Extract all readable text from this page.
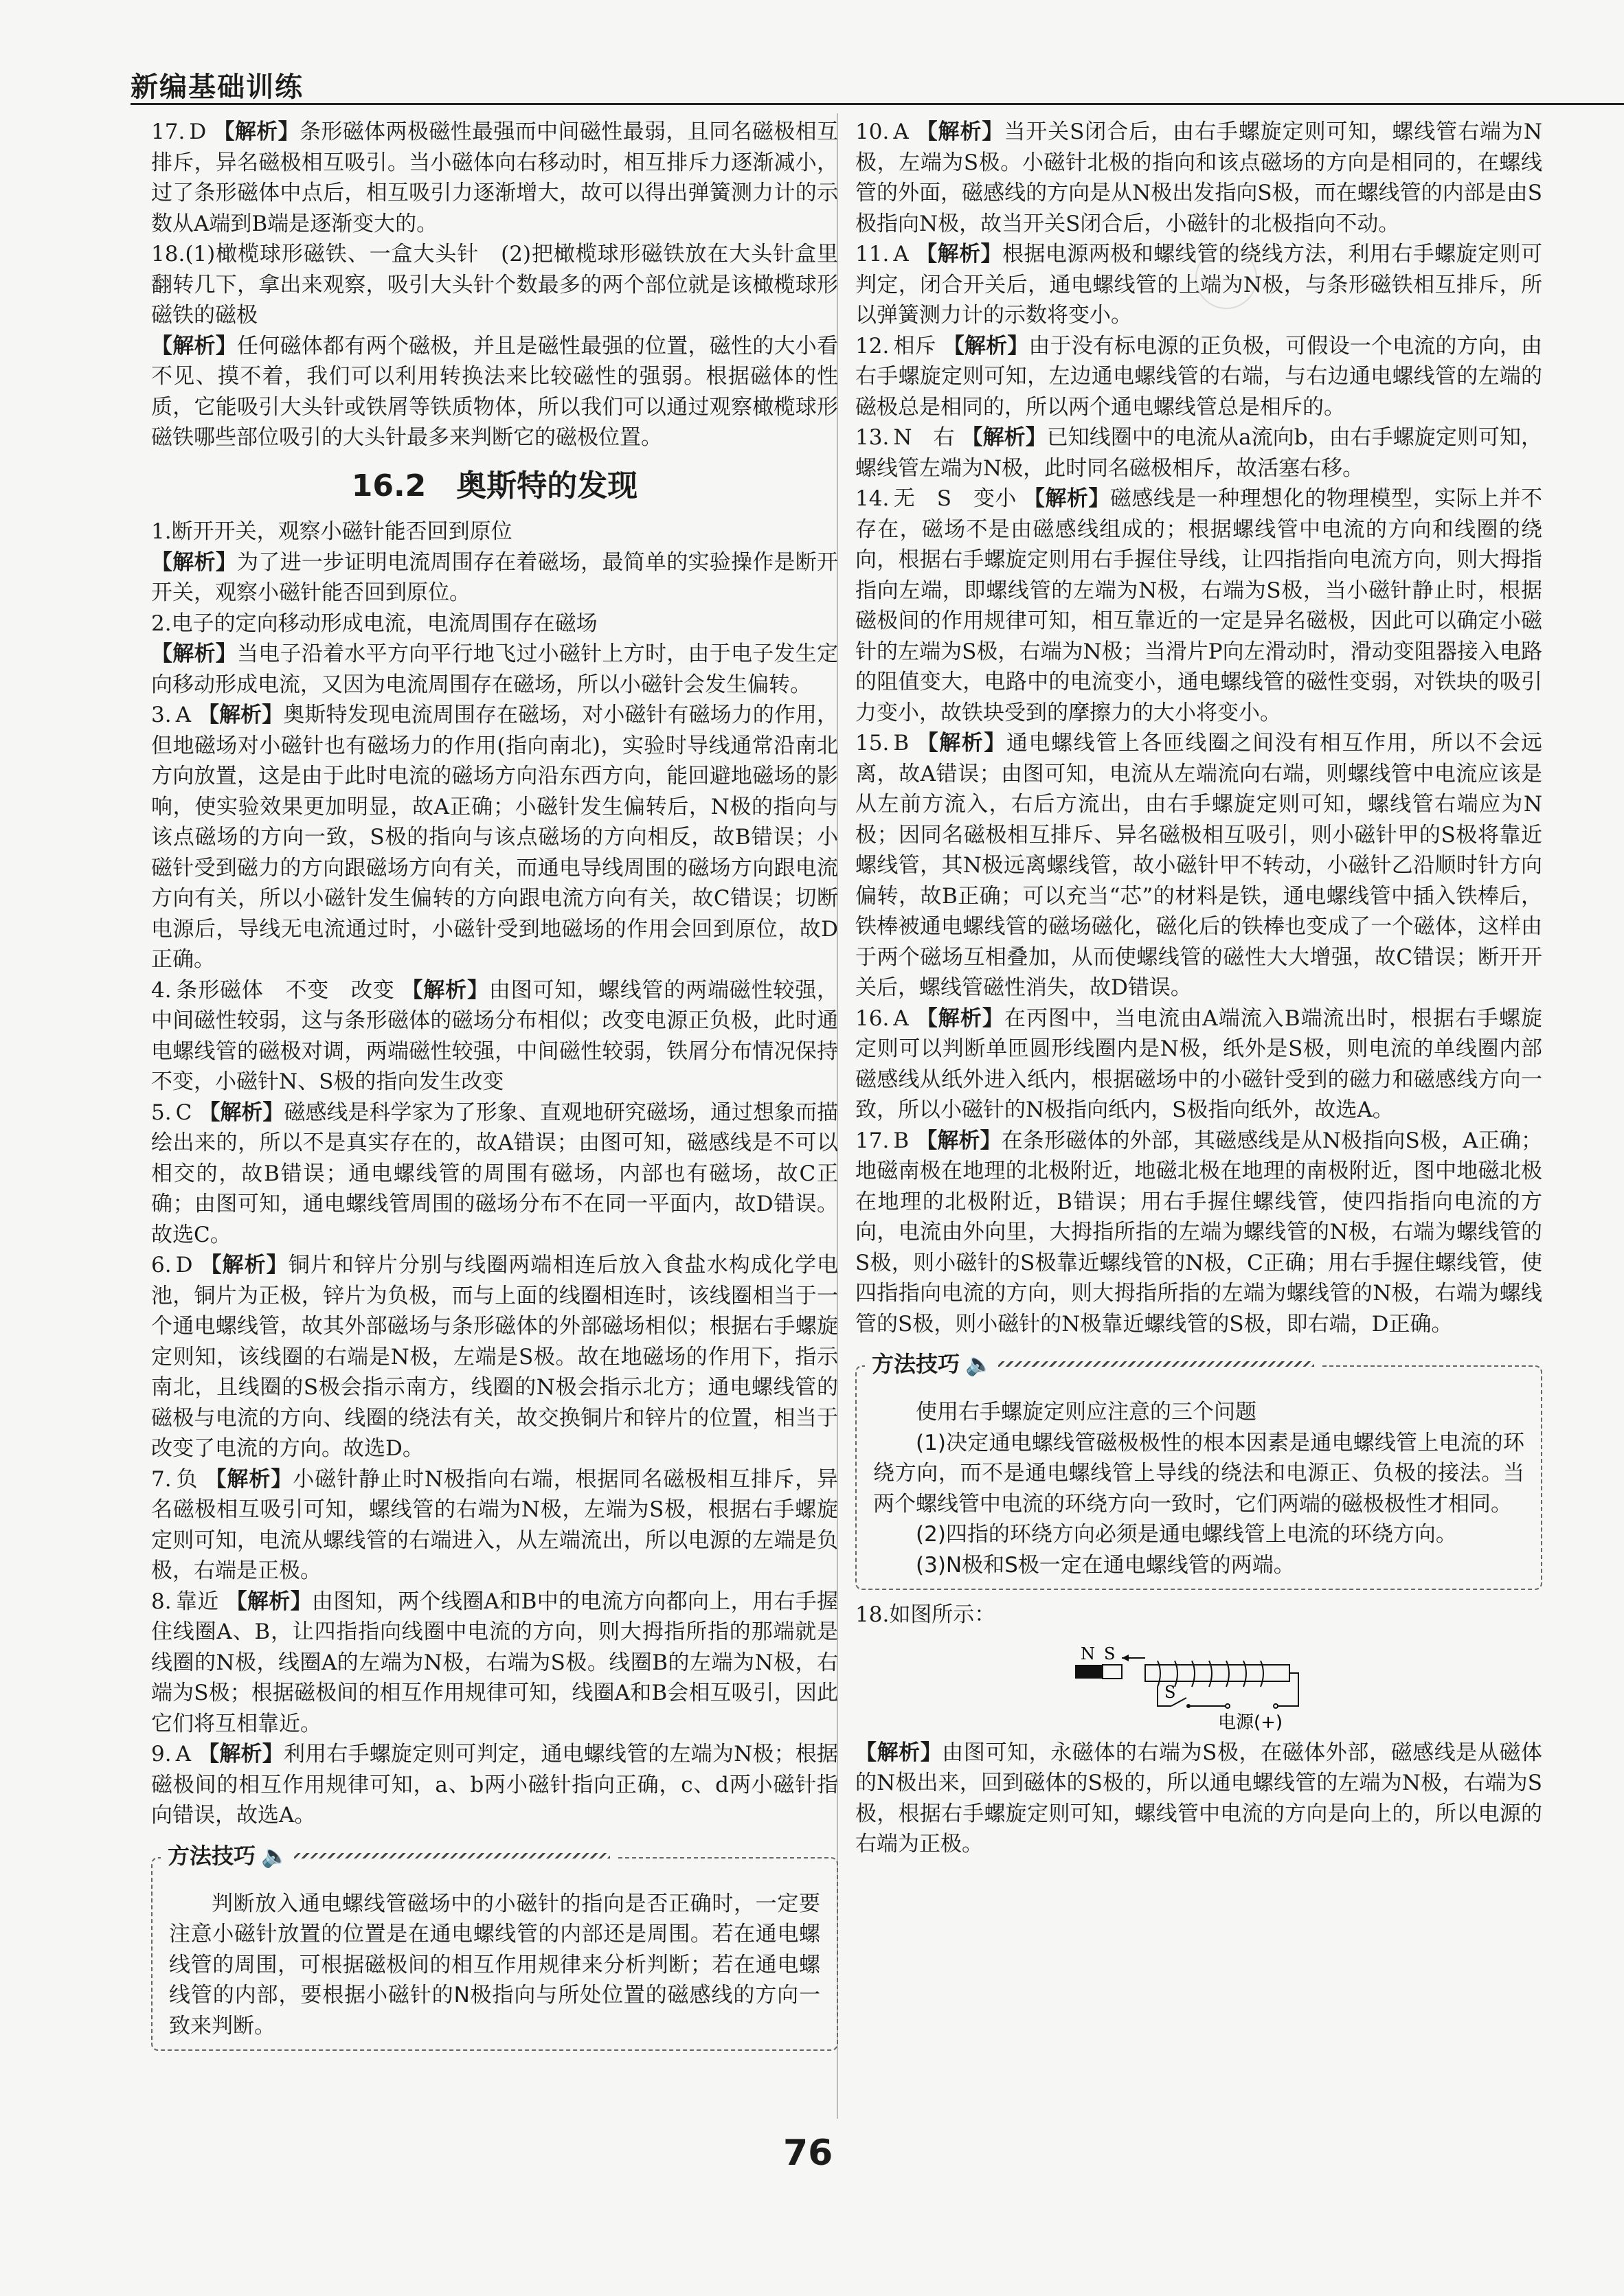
新编基础训练

17. D 【解析】条形磁体两极磁性最强而中间磁性最弱，且同名磁极相互排斥，异名磁极相互吸引。当小磁体向右移动时，相互排斥力逐渐减小，过了条形磁体中点后，相互吸引力逐渐增大，故可以得出弹簧测力计的示数从A端到B端是逐渐变大的。

18.(1)橄榄球形磁铁、一盒大头针　(2)把橄榄球形磁铁放在大头针盒里翻转几下，拿出来观察，吸引大头针个数最多的两个部位就是该橄榄球形磁铁的磁极

【解析】任何磁体都有两个磁极，并且是磁性最强的位置，磁性的大小看不见、摸不着，我们可以利用转换法来比较磁性的强弱。根据磁体的性质，它能吸引大头针或铁屑等铁质物体，所以我们可以通过观察橄榄球形磁铁哪些部位吸引的大头针最多来判断它的磁极位置。

16.2　奥斯特的发现

1.断开开关，观察小磁针能否回到原位

【解析】为了进一步证明电流周围存在着磁场，最简单的实验操作是断开开关，观察小磁针能否回到原位。

2.电子的定向移动形成电流，电流周围存在磁场

【解析】当电子沿着水平方向平行地飞过小磁针上方时，由于电子发生定向移动形成电流，又因为电流周围存在磁场，所以小磁针会发生偏转。

3. A 【解析】奥斯特发现电流周围存在磁场，对小磁针有磁场力的作用，但地磁场对小磁针也有磁场力的作用(指向南北)，实验时导线通常沿南北方向放置，这是由于此时电流的磁场方向沿东西方向，能回避地磁场的影响，使实验效果更加明显，故A正确；小磁针发生偏转后，N极的指向与该点磁场的方向一致，S极的指向与该点磁场的方向相反，故B错误；小磁针受到磁力的方向跟磁场方向有关，而通电导线周围的磁场方向跟电流方向有关，所以小磁针发生偏转的方向跟电流方向有关，故C错误；切断电源后，导线无电流通过时，小磁针受到地磁场的作用会回到原位，故D正确。

4. 条形磁体　不变　改变 【解析】由图可知，螺线管的两端磁性较强，中间磁性较弱，这与条形磁体的磁场分布相似；改变电源正负极，此时通电螺线管的磁极对调，两端磁性较强，中间磁性较弱，铁屑分布情况保持不变，小磁针N、S极的指向发生改变

5. C 【解析】磁感线是科学家为了形象、直观地研究磁场，通过想象而描绘出来的，所以不是真实存在的，故A错误；由图可知，磁感线是不可以相交的，故B错误；通电螺线管的周围有磁场，内部也有磁场，故C正确；由图可知，通电螺线管周围的磁场分布不在同一平面内，故D错误。故选C。

6. D 【解析】铜片和锌片分别与线圈两端相连后放入食盐水构成化学电池，铜片为正极，锌片为负极，而与上面的线圈相连时，该线圈相当于一个通电螺线管，故其外部磁场与条形磁体的外部磁场相似；根据右手螺旋定则知，该线圈的右端是N极，左端是S极。故在地磁场的作用下，指示南北，且线圈的S极会指示南方，线圈的N极会指示北方；通电螺线管的磁极与电流的方向、线圈的绕法有关，故交换铜片和锌片的位置，相当于改变了电流的方向。故选D。

7. 负 【解析】小磁针静止时N极指向右端，根据同名磁极相互排斥，异名磁极相互吸引可知，螺线管的右端为N极，左端为S极，根据右手螺旋定则可知，电流从螺线管的右端进入，从左端流出，所以电源的左端是负极，右端是正极。

8. 靠近 【解析】由图知，两个线圈A和B中的电流方向都向上，用右手握住线圈A、B，让四指指向线圈中电流的方向，则大拇指所指的那端就是线圈的N极，线圈A的左端为N极，右端为S极。线圈B的左端为N极，右端为S极；根据磁极间的相互作用规律可知，线圈A和B会相互吸引，因此它们将互相靠近。

9. A 【解析】利用右手螺旋定则可判定，通电螺线管的左端为N极；根据磁极间的相互作用规律可知，a、b两小磁针指向正确，c、d两小磁针指向错误，故选A。

方法技巧 🔈

判断放入通电螺线管磁场中的小磁针的指向是否正确时，一定要注意小磁针放置的位置是在通电螺线管的内部还是周围。若在通电螺线管的周围，可根据磁极间的相互作用规律来分析判断；若在通电螺线管的内部，要根据小磁针的N极指向与所处位置的磁感线的方向一致来判断。

10. A 【解析】当开关S闭合后，由右手螺旋定则可知，螺线管右端为N极，左端为S极。小磁针北极的指向和该点磁场的方向是相同的，在螺线管的外面，磁感线的方向是从N极出发指向S极，而在螺线管的内部是由S极指向N极，故当开关S闭合后，小磁针的北极指向不动。

11. A 【解析】根据电源两极和螺线管的绕线方法，利用右手螺旋定则可判定，闭合开关后，通电螺线管的上端为N极，与条形磁铁相互排斥，所以弹簧测力计的示数将变小。

12. 相斥 【解析】由于没有标电源的正负极，可假设一个电流的方向，由右手螺旋定则可知，左边通电螺线管的右端，与右边通电螺线管的左端的磁极总是相同的，所以两个通电螺线管总是相斥的。

13. N　右 【解析】已知线圈中的电流从a流向b，由右手螺旋定则可知，螺线管左端为N极，此时同名磁极相斥，故活塞右移。

14. 无　S　变小 【解析】磁感线是一种理想化的物理模型，实际上并不存在，磁场不是由磁感线组成的；根据螺线管中电流的方向和线圈的绕向，根据右手螺旋定则用右手握住导线，让四指指向电流方向，则大拇指指向左端，即螺线管的左端为N极，右端为S极，当小磁针静止时，根据磁极间的作用规律可知，相互靠近的一定是异名磁极，因此可以确定小磁针的左端为S极，右端为N极；当滑片P向左滑动时，滑动变阻器接入电路的阻值变大，电路中的电流变小，通电螺线管的磁性变弱，对铁块的吸引力变小，故铁块受到的摩擦力的大小将变小。

15. B 【解析】通电螺线管上各匝线圈之间没有相互作用，所以不会远离，故A错误；由图可知，电流从左端流向右端，则螺线管中电流应该是从左前方流入，右后方流出，由右手螺旋定则可知，螺线管右端应为N极；因同名磁极相互排斥、异名磁极相互吸引，则小磁针甲的S极将靠近螺线管，其N极远离螺线管，故小磁针甲不转动，小磁针乙沿顺时针方向偏转，故B正确；可以充当“芯”的材料是铁，通电螺线管中插入铁棒后，铁棒被通电螺线管的磁场磁化，磁化后的铁棒也变成了一个磁体，这样由于两个磁场互相叠加，从而使螺线管的磁性大大增强，故C错误；断开开关后，螺线管磁性消失，故D错误。

16. A 【解析】在丙图中，当电流由A端流入B端流出时，根据右手螺旋定则可以判断单匝圆形线圈内是N极，纸外是S极，则电流的单线圈内部磁感线从纸外进入纸内，根据磁场中的小磁针受到的磁力和磁感线方向一致，所以小磁针的N极指向纸内，S极指向纸外，故选A。

17. B 【解析】在条形磁体的外部，其磁感线是从N极指向S极，A正确；地磁南极在地理的北极附近，地磁北极在地理的南极附近，图中地磁北极在地理的北极附近，B错误；用右手握住螺线管，使四指指向电流的方向，电流由外向里，大拇指所指的左端为螺线管的N极，右端为螺线管的S极，则小磁针的S极靠近螺线管的N极，C正确；用右手握住螺线管，使四指指向电流的方向，则大拇指所指的左端为螺线管的N极，右端为螺线管的S极，则小磁针的N极靠近螺线管的S极，即右端，D正确。

方法技巧 🔈

使用右手螺旋定则应注意的三个问题

(1)决定通电螺线管磁极极性的根本因素是通电螺线管上电流的环绕方向，而不是通电螺线管上导线的绕法和电源正、负极的接法。当两个螺线管中电流的环绕方向一致时，它们两端的磁极极性才相同。

(2)四指的环绕方向必须是通电螺线管上电流的环绕方向。

(3)N极和S极一定在通电螺线管的两端。

18.如图所示：

N S
S
电源(+)

【解析】由图可知，永磁体的右端为S极，在磁体外部，磁感线是从磁体的N极出来，回到磁体的S极的，所以通电螺线管的左端为N极，右端为S极，根据右手螺旋定则可知，螺线管中电流的方向是向上的，所以电源的右端为正极。

76
